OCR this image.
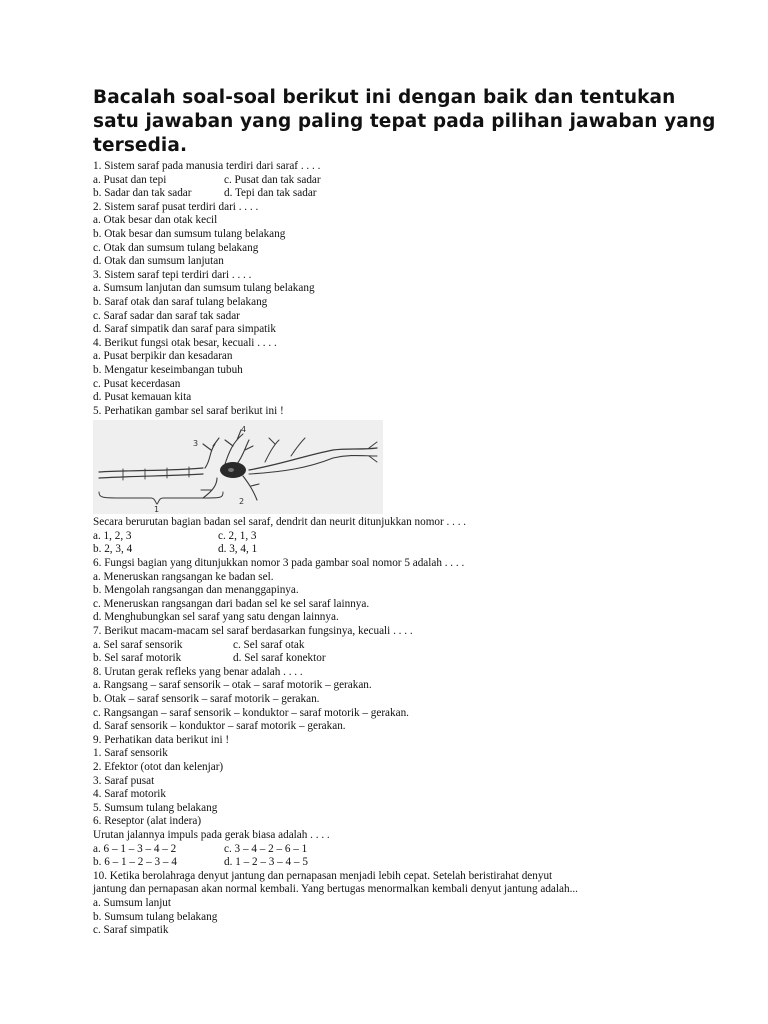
Bacalah soal-soal berikut ini dengan baik dan tentukan
satu jawaban yang paling tepat pada pilihan jawaban yang
tersedia.
1. Sistem saraf pada manusia terdiri dari saraf . . . .
a. Pusat dan tepi	c. Pusat dan tak sadar
b. Sadar dan tak sadar	d. Tepi dan tak sadar
2. Sistem saraf pusat terdiri dari . . . .
a. Otak besar dan otak kecil
b. Otak besar dan sumsum tulang belakang
c. Otak dan sumsum tulang belakang
d. Otak dan sumsum lanjutan
3. Sistem saraf tepi terdiri dari . . . .
a. Sumsum lanjutan dan sumsum tulang belakang
b. Saraf otak dan saraf tulang belakang
c. Saraf sadar dan saraf tak sadar
d. Saraf simpatik dan saraf para simpatik
4. Berikut fungsi otak besar, kecuali . . . .
a. Pusat berpikir dan kesadaran
b. Mengatur keseimbangan tubuh
c. Pusat kecerdasan
d. Pusat kemauan kita
5. Perhatikan gambar sel saraf berikut ini !
1
2
3
4
Secara berurutan bagian badan sel saraf, dendrit dan neurit ditunjukkan nomor . . . .
a. 1, 2, 3	c. 2, 1, 3
b. 2, 3, 4	d. 3, 4, 1
6. Fungsi bagian yang ditunjukkan nomor 3 pada gambar soal nomor 5 adalah . . . .
a. Meneruskan rangsangan ke badan sel.
b. Mengolah rangsangan dan menanggapinya.
c. Meneruskan rangsangan dari badan sel ke sel saraf lainnya.
d. Menghubungkan sel saraf yang satu dengan lainnya.
7. Berikut macam-macam sel saraf berdasarkan fungsinya, kecuali . . . .
a. Sel saraf sensorik	c. Sel saraf otak
b. Sel saraf motorik	d. Sel saraf konektor
8. Urutan gerak refleks yang benar adalah . . . .
a. Rangsang – saraf sensorik – otak – saraf motorik – gerakan.
b. Otak – saraf sensorik – saraf motorik – gerakan.
c. Rangsangan – saraf sensorik – konduktor – saraf motorik – gerakan.
d. Saraf sensorik – konduktor – saraf motorik – gerakan.
9. Perhatikan data berikut ini !
1. Saraf sensorik
2. Efektor (otot dan kelenjar)
3. Saraf pusat
4. Saraf motorik
5. Sumsum tulang belakang
6. Reseptor (alat indera)
Urutan jalannya impuls pada gerak biasa adalah . . . .
a. 6 – 1 – 3 – 4 – 2	c. 3 – 4 – 2 – 6 – 1
b. 6 – 1 – 2 – 3 – 4	d. 1 – 2 – 3 – 4 – 5
10. Ketika berolahraga denyut jantung dan pernapasan menjadi lebih cepat. Setelah beristirahat denyut
jantung dan pernapasan akan normal kembali. Yang bertugas menormalkan kembali denyut jantung adalah...
a. Sumsum lanjut
b. Sumsum tulang belakang
c. Saraf simpatik
